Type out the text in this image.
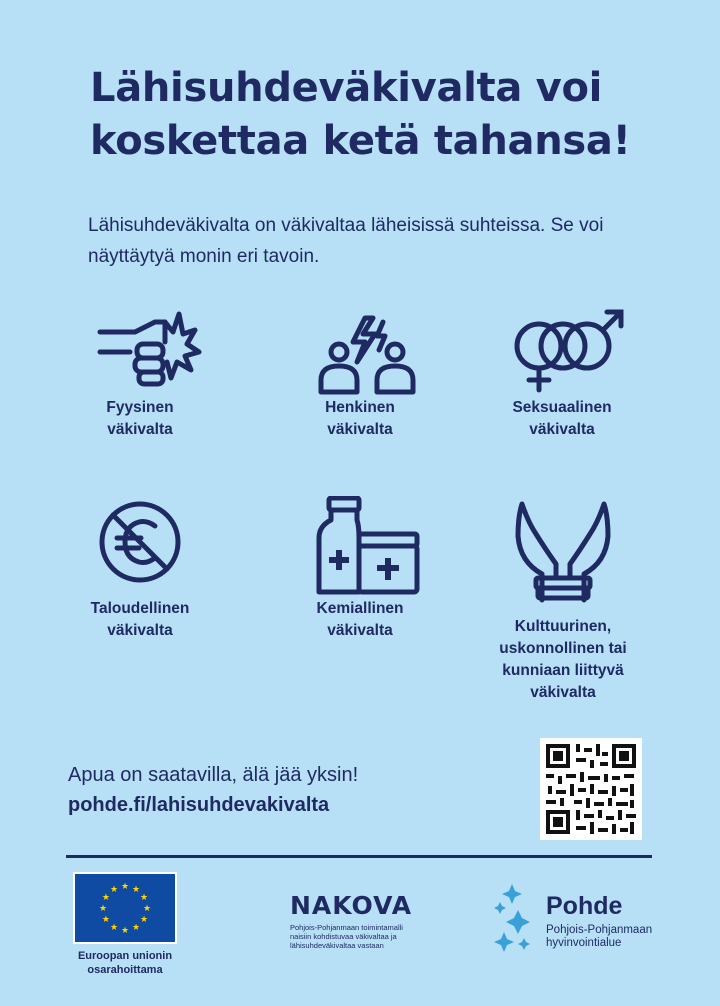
Lähisuhdeväkivalta voi koskettaa ketä tahansa!

Lähisuhdeväkivalta on väkivaltaa läheisissä suhteissa. Se voi näyttäytyä monin eri tavoin.

Fyysinen
väkivalta
Henkinen
väkivalta
Seksuaalinen
väkivalta
Taloudellinen
väkivalta
Kemiallinen
väkivalta	Kulttuurinen,
uskonnollinen tai
kunniaan liittyvä
väkivalta
Apua on saatavilla, älä jää yksin!
pohde.fi/lahisuhdevakivalta
★ ★
★
★
★
★
★
★
★
★
★
★
Euroopan unionin
osarahoittama
NAKOVA
Pohjois-Pohjanmaan toimintamalli
naisiin kohdistuvaa väkivaltaa ja
lähisuhdeväkivaltaa vastaan
Pohde
Pohjois-Pohjanmaan
hyvinvointialue
